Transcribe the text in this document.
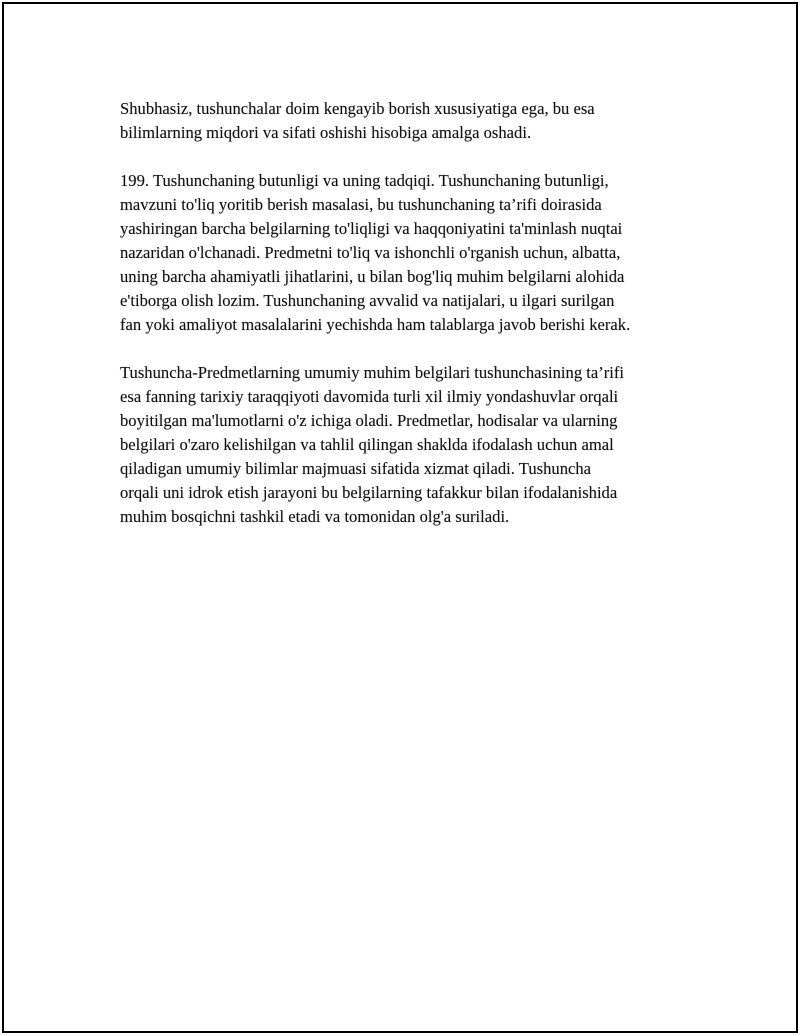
Shubhasiz, tushunchalar doim kengayib borish xususiyatiga ega, bu esa
bilimlarning miqdori va sifati oshishi hisobiga amalga oshadi.

199. Tushunchaning butunligi va uning tadqiqi. Tushunchaning butunligi,
mavzuni to'liq yoritib berish masalasi, bu tushunchaning ta’rifi doirasida
yashiringan barcha belgilarning to'liqligi va haqqoniyatini ta'minlash nuqtai
nazaridan o'lchanadi. Predmetni to'liq va ishonchli o'rganish uchun, albatta,
uning barcha ahamiyatli jihatlarini, u bilan bog'liq muhim belgilarni alohida
e'tiborga olish lozim. Tushunchaning avvalid va natijalari, u ilgari surilgan
fan yoki amaliyot masalalarini yechishda ham talablarga javob berishi kerak.

Tushuncha-Predmetlarning umumiy muhim belgilari tushunchasining ta’rifi
esa fanning tarixiy taraqqiyoti davomida turli xil ilmiy yondashuvlar orqali
boyitilgan ma'lumotlarni o'z ichiga oladi. Predmetlar, hodisalar va ularning
belgilari o'zaro kelishilgan va tahlil qilingan shaklda ifodalash uchun amal
qiladigan umumiy bilimlar majmuasi sifatida xizmat qiladi. Tushuncha
orqali uni idrok etish jarayoni bu belgilarning tafakkur bilan ifodalanishida
muhim bosqichni tashkil etadi va tomonidan olg'a suriladi.
